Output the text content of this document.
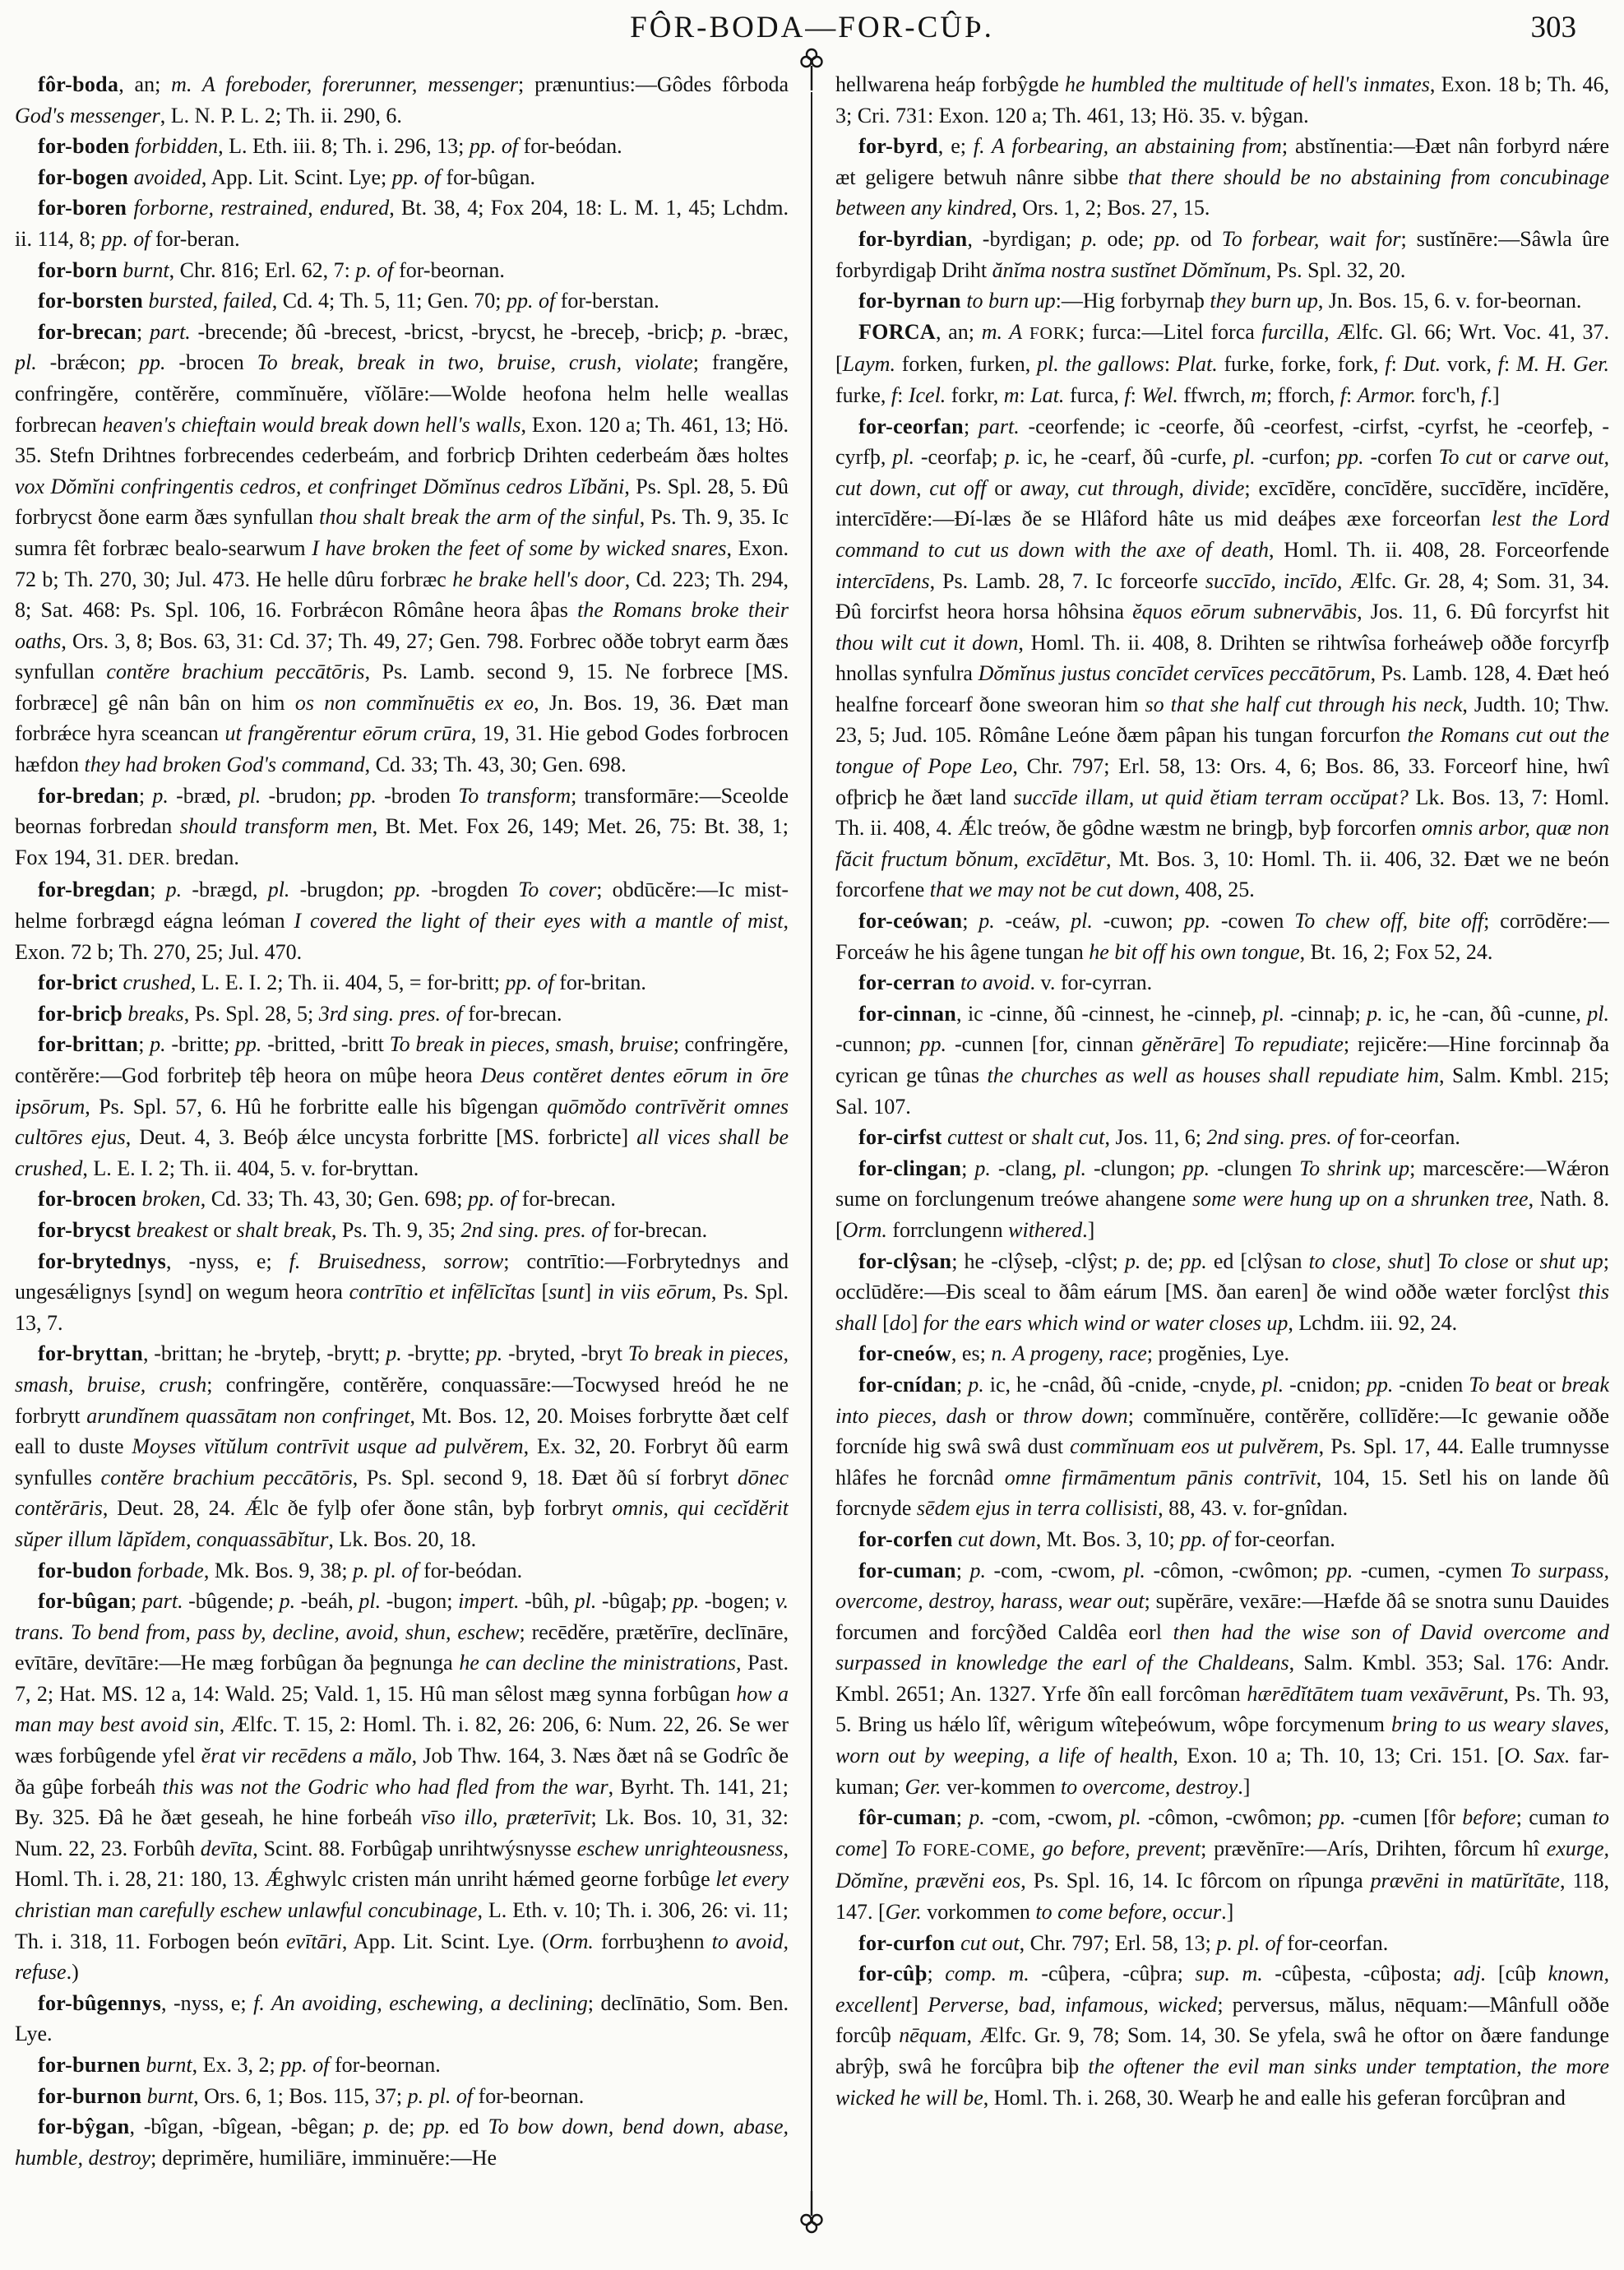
FÔR-BODA—FOR-CÛÞ.	303

fôr-boda, an; m. A foreboder, forerunner, messenger; prænuntius:—Gôdes fôrboda God's messenger, L. N. P. L. 2; Th. ii. 290, 6.

for-boden forbidden, L. Eth. iii. 8; Th. i. 296, 13; pp. of for-beódan.

for-bogen avoided, App. Lit. Scint. Lye; pp. of for-bûgan.

for-boren forborne, restrained, endured, Bt. 38, 4; Fox 204, 18: L. M. 1, 45; Lchdm. ii. 114, 8; pp. of for-beran.

for-born burnt, Chr. 816; Erl. 62, 7: p. of for-beornan.

for-borsten bursted, failed, Cd. 4; Th. 5, 11; Gen. 70; pp. of for-berstan.

for-brecan; part. -brecende; ðû -brecest, -bricst, -brycst, he -breceþ, -bricþ; p. -bræc, pl. -brǽcon; pp. -brocen To break, break in two, bruise, crush, violate; frangĕre, confringĕre, contĕrĕre, commĭnuĕre, vĭŏlāre:—Wolde heofona helm helle weallas forbrecan heaven's chieftain would break down hell's walls, Exon. 120 a; Th. 461, 13; Hö. 35. Stefn Drihtnes forbrecendes cederbeám, and forbricþ Drihten cederbeám ðæs holtes vox Dŏmĭni confringentis cedros, et confringet Dŏmĭnus cedros Lĭbăni, Ps. Spl. 28, 5. Ðû forbrycst ðone earm ðæs synfullan thou shalt break the arm of the sinful, Ps. Th. 9, 35. Ic sumra fêt forbræc bealo-searwum I have broken the feet of some by wicked snares, Exon. 72 b; Th. 270, 30; Jul. 473. He helle dûru forbræc he brake hell's door, Cd. 223; Th. 294, 8; Sat. 468: Ps. Spl. 106, 16. Forbrǽcon Rômâne heora âþas the Romans broke their oaths, Ors. 3, 8; Bos. 63, 31: Cd. 37; Th. 49, 27; Gen. 798. Forbrec oððe tobryt earm ðæs synfullan contĕre brachium peccātōris, Ps. Lamb. second 9, 15. Ne forbrece [MS. forbræce] gê nân bân on him os non commĭnuētis ex eo, Jn. Bos. 19, 36. Ðæt man forbrǽce hyra sceancan ut frangĕrentur eōrum crūra, 19, 31. Hie gebod Godes forbrocen hæfdon they had broken God's command, Cd. 33; Th. 43, 30; Gen. 698.

for-bredan; p. -bræd, pl. -brudon; pp. -broden To transform; transformāre:—Sceolde beornas forbredan should transform men, Bt. Met. Fox 26, 149; Met. 26, 75: Bt. 38, 1; Fox 194, 31. DER. bredan.

for-bregdan; p. -brægd, pl. -brugdon; pp. -brogden To cover; obdūcĕre:—Ic mist-helme forbrægd eágna leóman I covered the light of their eyes with a mantle of mist, Exon. 72 b; Th. 270, 25; Jul. 470.

for-brict crushed, L. E. I. 2; Th. ii. 404, 5, = for-britt; pp. of for-britan.

for-bricþ breaks, Ps. Spl. 28, 5; 3rd sing. pres. of for-brecan.

for-brittan; p. -britte; pp. -britted, -britt To break in pieces, smash, bruise; confringĕre, contĕrĕre:—God forbriteþ têþ heora on mûþe heora Deus contĕret dentes eōrum in ōre ipsōrum, Ps. Spl. 57, 6. Hû he forbritte ealle his bîgengan quōmŏdo contrīvĕrit omnes cultōres ejus, Deut. 4, 3. Beóþ ǽlce uncysta forbritte [MS. forbricte] all vices shall be crushed, L. E. I. 2; Th. ii. 404, 5. v. for-bryttan.

for-brocen broken, Cd. 33; Th. 43, 30; Gen. 698; pp. of for-brecan.

for-brycst breakest or shalt break, Ps. Th. 9, 35; 2nd sing. pres. of for-brecan.

for-brytednys, -nyss, e; f. Bruisedness, sorrow; contrītio:—Forbrytednys and ungesǽlignys [synd] on wegum heora contrītio et infēlīcĭtas [sunt] in viis eōrum, Ps. Spl. 13, 7.

for-bryttan, -brittan; he -bryteþ, -brytt; p. -brytte; pp. -bryted, -bryt To break in pieces, smash, bruise, crush; confringĕre, contĕrĕre, conquassāre:—Tocwysed hreód he ne forbrytt arundĭnem quassātam non confringet, Mt. Bos. 12, 20. Moises forbrytte ðæt celf eall to duste Moyses vĭtŭlum contrīvit usque ad pulvĕrem, Ex. 32, 20. Forbryt ðû earm synfulles contĕre brachium peccātōris, Ps. Spl. second 9, 18. Ðæt ðû sí forbryt dōnec contĕrāris, Deut. 28, 24. Ǽlc ðe fylþ ofer ðone stân, byþ forbryt omnis, qui cecĭdĕrit sŭper illum lăpĭdem, conquassābĭtur, Lk. Bos. 20, 18.

for-budon forbade, Mk. Bos. 9, 38; p. pl. of for-beódan.

for-bûgan; part. -bûgende; p. -beáh, pl. -bugon; impert. -bûh, pl. -bûgaþ; pp. -bogen; v. trans. To bend from, pass by, decline, avoid, shun, eschew; recēdĕre, prætĕrīre, declīnāre, evītāre, devītāre:—He mæg forbûgan ða þegnunga he can decline the ministrations, Past. 7, 2; Hat. MS. 12 a, 14: Wald. 25; Vald. 1, 15. Hû man sêlost mæg synna forbûgan how a man may best avoid sin, Ælfc. T. 15, 2: Homl. Th. i. 82, 26: 206, 6: Num. 22, 26. Se wer wæs forbûgende yfel ĕrat vir recēdens a mălo, Job Thw. 164, 3. Næs ðæt nâ se Godrîc ðe ða gûþe forbeáh this was not the Godric who had fled from the war, Byrht. Th. 141, 21; By. 325. Ðâ he ðæt geseah, he hine forbeáh vīso illo, præterīvit; Lk. Bos. 10, 31, 32: Num. 22, 23. Forbûh devīta, Scint. 88. Forbûgaþ unrihtwýsnysse eschew unrighteousness, Homl. Th. i. 28, 21: 180, 13. Ǽghwylc cristen mán unriht hǽmed georne forbûge let every christian man carefully eschew unlawful concubinage, L. Eth. v. 10; Th. i. 306, 26: vi. 11; Th. i. 318, 11. Forbogen beón evītāri, App. Lit. Scint. Lye. (Orm. forrbuȝhenn to avoid, refuse.)

for-bûgennys, -nyss, e; f. An avoiding, eschewing, a declining; declīnātio, Som. Ben. Lye.

for-burnen burnt, Ex. 3, 2; pp. of for-beornan.

for-burnon burnt, Ors. 6, 1; Bos. 115, 37; p. pl. of for-beornan.

for-bŷgan, -bîgan, -bîgean, -bêgan; p. de; pp. ed To bow down, bend down, abase, humble, destroy; deprimĕre, humiliāre, imminuĕre:—He

hellwarena heáp forbŷgde he humbled the multitude of hell's inmates, Exon. 18 b; Th. 46, 3; Cri. 731: Exon. 120 a; Th. 461, 13; Hö. 35. v. bŷgan.

for-byrd, e; f. A forbearing, an abstaining from; abstĭnentia:—Ðæt nân forbyrd nǽre æt geligere betwuh nânre sibbe that there should be no abstaining from concubinage between any kindred, Ors. 1, 2; Bos. 27, 15.

for-byrdian, -byrdigan; p. ode; pp. od To forbear, wait for; sustĭnēre:—Sâwla ûre forbyrdigaþ Driht ănĭma nostra sustĭnet Dŏmĭnum, Ps. Spl. 32, 20.

for-byrnan to burn up:—Hig forbyrnaþ they burn up, Jn. Bos. 15, 6. v. for-beornan.

FORCA, an; m. A FORK; furca:—Litel forca furcilla, Ælfc. Gl. 66; Wrt. Voc. 41, 37. [Laym. forken, furken, pl. the gallows: Plat. furke, forke, fork, f: Dut. vork, f: M. H. Ger. furke, f: Icel. forkr, m: Lat. furca, f: Wel. ffwrch, m; fforch, f: Armor. forc'h, f.]

for-ceorfan; part. -ceorfende; ic -ceorfe, ðû -ceorfest, -cirfst, -cyrfst, he -ceorfeþ, -cyrfþ, pl. -ceorfaþ; p. ic, he -cearf, ðû -curfe, pl. -curfon; pp. -corfen To cut or carve out, cut down, cut off or away, cut through, divide; excīdĕre, concīdĕre, succīdĕre, incīdĕre, intercīdĕre:—Ðí-læs ðe se Hlâford hâte us mid deáþes æxe forceorfan lest the Lord command to cut us down with the axe of death, Homl. Th. ii. 408, 28. Forceorfende intercīdens, Ps. Lamb. 28, 7. Ic forceorfe succīdo, incīdo, Ælfc. Gr. 28, 4; Som. 31, 34. Ðû forcirfst heora horsa hôhsina ĕquos eōrum subnervābis, Jos. 11, 6. Ðû forcyrfst hit thou wilt cut it down, Homl. Th. ii. 408, 8. Drihten se rihtwîsa forheáweþ oððe forcyrfþ hnollas synfulra Dŏmĭnus justus concīdet cervīces peccātōrum, Ps. Lamb. 128, 4. Ðæt heó healfne forcearf ðone sweoran him so that she half cut through his neck, Judth. 10; Thw. 23, 5; Jud. 105. Rômâne Leóne ðæm pâpan his tungan forcurfon the Romans cut out the tongue of Pope Leo, Chr. 797; Erl. 58, 13: Ors. 4, 6; Bos. 86, 33. Forceorf hine, hwî ofþricþ he ðæt land succīde illam, ut quid ĕtiam terram occŭpat? Lk. Bos. 13, 7: Homl. Th. ii. 408, 4. Ǽlc treów, ðe gôdne wæstm ne bringþ, byþ forcorfen omnis arbor, quæ non făcit fructum bŏnum, excīdētur, Mt. Bos. 3, 10: Homl. Th. ii. 406, 32. Ðæt we ne beón forcorfene that we may not be cut down, 408, 25.

for-ceówan; p. -ceáw, pl. -cuwon; pp. -cowen To chew off, bite off; corrōdĕre:—Forceáw he his âgene tungan he bit off his own tongue, Bt. 16, 2; Fox 52, 24.

for-cerran to avoid. v. for-cyrran.

for-cinnan, ic -cinne, ðû -cinnest, he -cinneþ, pl. -cinnaþ; p. ic, he -can, ðû -cunne, pl. -cunnon; pp. -cunnen [for, cinnan gĕnĕrāre] To repudiate; rejicĕre:—Hine forcinnaþ ða cyrican ge tûnas the churches as well as houses shall repudiate him, Salm. Kmbl. 215; Sal. 107.

for-cirfst cuttest or shalt cut, Jos. 11, 6; 2nd sing. pres. of for-ceorfan.

for-clingan; p. -clang, pl. -clungon; pp. -clungen To shrink up; marcescĕre:—Wǽron sume on forclungenum treówe ahangene some were hung up on a shrunken tree, Nath. 8. [Orm. forrclungenn withered.]

for-clŷsan; he -clŷseþ, -clŷst; p. de; pp. ed [clŷsan to close, shut] To close or shut up; occlūdĕre:—Ðis sceal to ðâm eárum [MS. ðan earen] ðe wind oððe wæter forclŷst this shall [do] for the ears which wind or water closes up, Lchdm. iii. 92, 24.

for-cneów, es; n. A progeny, race; progĕnies, Lye.

for-cnídan; p. ic, he -cnâd, ðû -cnide, -cnyde, pl. -cnidon; pp. -cniden To beat or break into pieces, dash or throw down; commĭnuĕre, contĕrĕre, collīdĕre:—Ic gewanie oððe forcníde hig swâ swâ dust commĭnuam eos ut pulvĕrem, Ps. Spl. 17, 44. Ealle trumnysse hlâfes he forcnâd omne firmāmentum pānis contrīvit, 104, 15. Setl his on lande ðû forcnyde sēdem ejus in terra collisisti, 88, 43. v. for-gnîdan.

for-corfen cut down, Mt. Bos. 3, 10; pp. of for-ceorfan.

for-cuman; p. -com, -cwom, pl. -cômon, -cwômon; pp. -cumen, -cymen To surpass, overcome, destroy, harass, wear out; supĕrāre, vexāre:—Hæfde ðâ se snotra sunu Dauides forcumen and forcŷðed Caldêa eorl then had the wise son of David overcome and surpassed in knowledge the earl of the Chaldeans, Salm. Kmbl. 353; Sal. 176: Andr. Kmbl. 2651; An. 1327. Yrfe ðîn eall forcôman hærēdĭtātem tuam vexāvērunt, Ps. Th. 93, 5. Bring us hǽlo lîf, wêrigum wîteþeówum, wôpe forcymenum bring to us weary slaves, worn out by weeping, a life of health, Exon. 10 a; Th. 10, 13; Cri. 151. [O. Sax. far-kuman; Ger. ver-kommen to overcome, destroy.]

fôr-cuman; p. -com, -cwom, pl. -cômon, -cwômon; pp. -cumen [fôr before; cuman to come] To FORE-COME, go before, prevent; prævĕnīre:—Arís, Drihten, fôrcum hî exurge, Dŏmĭne, prævĕni eos, Ps. Spl. 16, 14. Ic fôrcom on rîpunga prævēni in matūrĭtāte, 118, 147. [Ger. vorkommen to come before, occur.]

for-curfon cut out, Chr. 797; Erl. 58, 13; p. pl. of for-ceorfan.

for-cûþ; comp. m. -cûþera, -cûþra; sup. m. -cûþesta, -cûþosta; adj. [cûþ known, excellent] Perverse, bad, infamous, wicked; perversus, mălus, nēquam:—Mânfull oððe forcûþ nēquam, Ælfc. Gr. 9, 78; Som. 14, 30. Se yfela, swâ he oftor on ðære fandunge abrŷþ, swâ he forcûþra biþ the oftener the evil man sinks under temptation, the more wicked he will be, Homl. Th. i. 268, 30. Wearþ he and ealle his geferan forcûþran and
